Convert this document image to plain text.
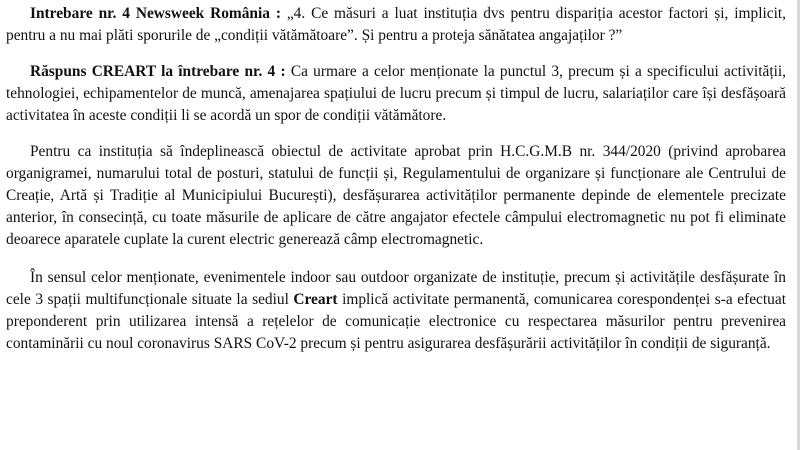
Intrebare nr. 4 Newsweek România : „4. Ce măsuri a luat instituția dvs pentru dispariția acestor factori și, implicit, pentru a nu mai plăti sporurile de „condiții vătămătoare”. Și pentru a proteja sănătatea angajaților ?”

Răspuns CREART la întrebare nr. 4 : Ca urmare a celor menționate la punctul 3, precum și a specificului activității, tehnologiei, echipamentelor de muncă, amenajarea spațiului de lucru precum și timpul de lucru, salariaților care își desfășoară activitatea în aceste condiții li se acordă un spor de condiții vătămătore.

Pentru ca instituția să îndeplinească obiectul de activitate aprobat prin H.C.G.M.B nr. 344/2020 (privind aprobarea organigramei, numarului total de posturi, statului de funcții și, Regulamentului de organizare și funcționare ale Centrului de Creație, Artă și Tradiție al Municipiului București), desfășurarea activităților permanente depinde de elementele precizate anterior, în consecință, cu toate măsurile de aplicare de către angajator efectele câmpului electromagnetic nu pot fi eliminate deoarece aparatele cuplate la curent electric generează câmp electromagnetic.

În sensul celor menționate, evenimentele indoor sau outdoor organizate de instituție, precum și activitățile desfășurate în cele 3 spații multifuncționale situate la sediul Creart implică activitate permanentă, comunicarea corespondenței s-a efectuat preponderent prin utilizarea intensă a rețelelor de comunicație electronice cu respectarea măsurilor pentru prevenirea contaminării cu noul coronavirus SARS CoV-2 precum și pentru asigurarea desfășurării activităților în condiții de siguranță.
